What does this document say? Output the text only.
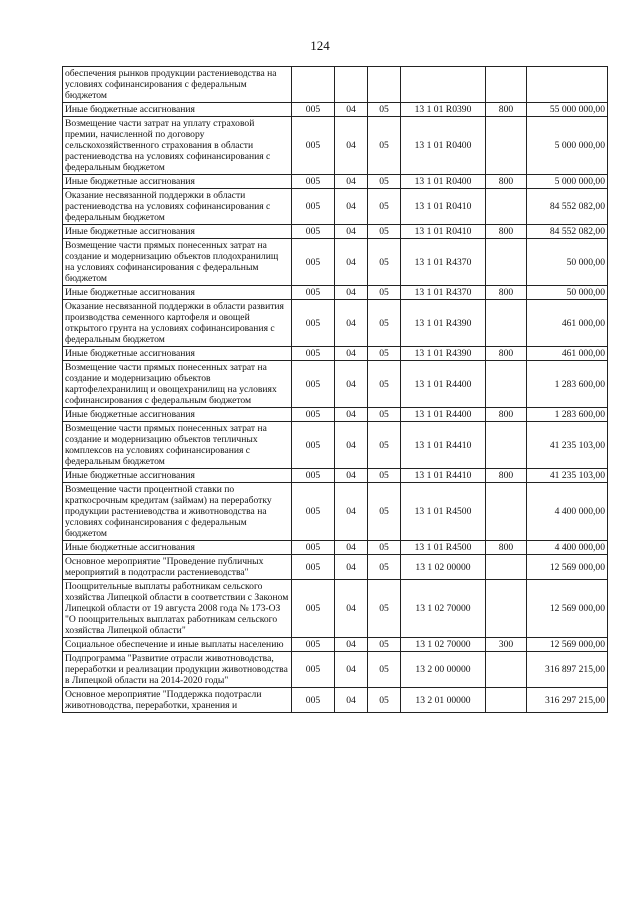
124
обеспечения рынков продукции растениеводства на условиях софинансирования с федеральным бюджетом						
Иные бюджетные ассигнования	005	04	05	13 1 01 R0390	800	55 000 000,00
Возмещение части затрат на уплату страховой премии, начисленной по договору сельскохозяйственного страхования в области растениеводства на условиях софинансирования с федеральным бюджетом	005	04	05	13 1 01 R0400		5 000 000,00
Иные бюджетные ассигнования	005	04	05	13 1 01 R0400	800	5 000 000,00
Оказание несвязанной поддержки в области растениеводства на условиях софинансирования с федеральным бюджетом	005	04	05	13 1 01 R0410		84 552 082,00
Иные бюджетные ассигнования	005	04	05	13 1 01 R0410	800	84 552 082,00
Возмещение части прямых понесенных затрат на создание и модернизацию объектов плодохранилищ на условиях софинансирования с федеральным бюджетом	005	04	05	13 1 01 R4370		50 000,00
Иные бюджетные ассигнования	005	04	05	13 1 01 R4370	800	50 000,00
Оказание несвязанной поддержки в области развития производства семенного картофеля и овощей открытого грунта на условиях софинансирования с федеральным бюджетом	005	04	05	13 1 01 R4390		461 000,00
Иные бюджетные ассигнования	005	04	05	13 1 01 R4390	800	461 000,00
Возмещение части прямых понесенных затрат на создание и модернизацию объектов картофелехранилищ и овощехранилищ на условиях софинансирования с федеральным бюджетом	005	04	05	13 1 01 R4400		1 283 600,00
Иные бюджетные ассигнования	005	04	05	13 1 01 R4400	800	1 283 600,00
Возмещение части прямых понесенных затрат на создание и модернизацию объектов тепличных комплексов на условиях софинансирования с федеральным бюджетом	005	04	05	13 1 01 R4410		41 235 103,00
Иные бюджетные ассигнования	005	04	05	13 1 01 R4410	800	41 235 103,00
Возмещение части процентной ставки по краткосрочным кредитам (займам) на переработку продукции растениеводства и животноводства на условиях софинансирования с федеральным бюджетом	005	04	05	13 1 01 R4500		4 400 000,00
Иные бюджетные ассигнования	005	04	05	13 1 01 R4500	800	4 400 000,00
Основное мероприятие "Проведение публичных мероприятий в подотрасли растениеводства"	005	04	05	13 1 02 00000		12 569 000,00
Поощрительные выплаты работникам сельского хозяйства Липецкой области в соответствии с Законом Липецкой области от 19 августа 2008 года № 173-ОЗ "О поощрительных выплатах работникам сельского хозяйства Липецкой области"	005	04	05	13 1 02 70000		12 569 000,00
Социальное обеспечение и иные выплаты населению	005	04	05	13 1 02 70000	300	12 569 000,00
Подпрограмма "Развитие отрасли животноводства, переработки и реализации продукции животноводства в Липецкой области на 2014-2020 годы"	005	04	05	13 2 00 00000		316 897 215,00
Основное мероприятие "Поддержка подотрасли животноводства, переработки, хранения и	005	04	05	13 2 01 00000		316 297 215,00
